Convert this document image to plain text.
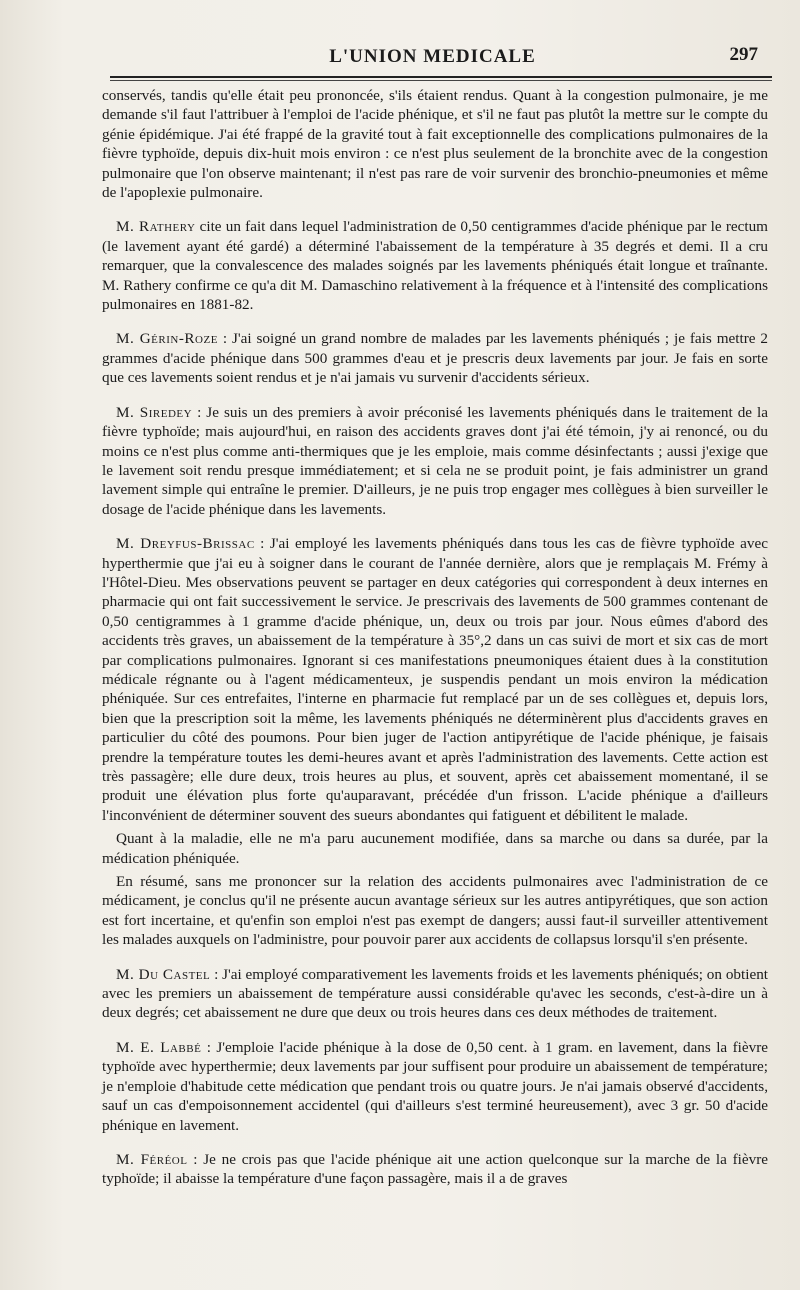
L'UNION MEDICALE	297

conservés, tandis qu'elle était peu prononcée, s'ils étaient rendus. Quant à la congestion pulmonaire, je me demande s'il faut l'attribuer à l'emploi de l'acide phénique, et s'il ne faut pas plutôt la mettre sur le compte du génie épidémique. J'ai été frappé de la gravité tout à fait exceptionnelle des complications pulmonaires de la fièvre typhoïde, depuis dix-huit mois environ : ce n'est plus seulement de la bronchite avec de la congestion pulmonaire que l'on observe maintenant; il n'est pas rare de voir survenir des bronchio-pneumonies et même de l'apoplexie pulmonaire.

M. Rathery cite un fait dans lequel l'administration de 0,50 centigrammes d'acide phénique par le rectum (le lavement ayant été gardé) a déterminé l'abaissement de la température à 35 degrés et demi. Il a cru remarquer, que la convalescence des malades soignés par les lavements phéniqués était longue et traînante. M. Rathery confirme ce qu'a dit M. Damaschino relativement à la fréquence et à l'intensité des complications pulmonaires en 1881-82.

M. Gérin-Roze : J'ai soigné un grand nombre de malades par les lavements phéniqués ; je fais mettre 2 grammes d'acide phénique dans 500 grammes d'eau et je prescris deux lavements par jour. Je fais en sorte que ces lavements soient rendus et je n'ai jamais vu survenir d'accidents sérieux.

M. Siredey : Je suis un des premiers à avoir préconisé les lavements phéniqués dans le traitement de la fièvre typhoïde; mais aujourd'hui, en raison des accidents graves dont j'ai été témoin, j'y ai renoncé, ou du moins ce n'est plus comme anti-thermiques que je les emploie, mais comme désinfectants ; aussi j'exige que le lavement soit rendu presque immédiatement; et si cela ne se produit point, je fais administrer un grand lavement simple qui entraîne le premier. D'ailleurs, je ne puis trop engager mes collègues à bien surveiller le dosage de l'acide phénique dans les lavements.

M. Dreyfus-Brissac : J'ai employé les lavements phéniqués dans tous les cas de fièvre typhoïde avec hyperthermie que j'ai eu à soigner dans le courant de l'année dernière, alors que je remplaçais M. Frémy à l'Hôtel-Dieu. Mes observations peuvent se partager en deux catégories qui correspondent à deux internes en pharmacie qui ont fait successivement le service. Je prescrivais des lavements de 500 grammes contenant de 0,50 centigrammes à 1 gramme d'acide phénique, un, deux ou trois par jour. Nous eûmes d'abord des accidents très graves, un abaissement de la température à 35°,2 dans un cas suivi de mort et six cas de mort par complications pulmonaires. Ignorant si ces manifestations pneumoniques étaient dues à la constitution médicale régnante ou à l'agent médicamenteux, je suspendis pendant un mois environ la médication phéniquée. Sur ces entrefaites, l'interne en pharmacie fut remplacé par un de ses collègues et, depuis lors, bien que la prescription soit la même, les lavements phéniqués ne déterminèrent plus d'accidents graves en particulier du côté des poumons. Pour bien juger de l'action antipyrétique de l'acide phénique, je faisais prendre la température toutes les demi-heures avant et après l'administration des lavements. Cette action est très passagère; elle dure deux, trois heures au plus, et souvent, après cet abaissement momentané, il se produit une élévation plus forte qu'auparavant, précédée d'un frisson. L'acide phénique a d'ailleurs l'inconvénient de déterminer souvent des sueurs abondantes qui fatiguent et débilitent le malade.

Quant à la maladie, elle ne m'a paru aucunement modifiée, dans sa marche ou dans sa durée, par la médication phéniquée.

En résumé, sans me prononcer sur la relation des accidents pulmonaires avec l'administration de ce médicament, je conclus qu'il ne présente aucun avantage sérieux sur les autres antipyrétiques, que son action est fort incertaine, et qu'enfin son emploi n'est pas exempt de dangers; aussi faut-il surveiller attentivement les malades auxquels on l'administre, pour pouvoir parer aux accidents de collapsus lorsqu'il s'en présente.

M. Du Castel : J'ai employé comparativement les lavements froids et les lavements phéniqués; on obtient avec les premiers un abaissement de température aussi considérable qu'avec les seconds, c'est-à-dire un à deux degrés; cet abaissement ne dure que deux ou trois heures dans ces deux méthodes de traitement.

M. E. Labbé : J'emploie l'acide phénique à la dose de 0,50 cent. à 1 gram. en lavement, dans la fièvre typhoïde avec hyperthermie; deux lavements par jour suffisent pour produire un abaissement de température; je n'emploie d'habitude cette médication que pendant trois ou quatre jours. Je n'ai jamais observé d'accidents, sauf un cas d'empoisonnement accidentel (qui d'ailleurs s'est terminé heureusement), avec 3 gr. 50 d'acide phénique en lavement.

M. Féréol : Je ne crois pas que l'acide phénique ait une action quelconque sur la marche de la fièvre typhoïde; il abaisse la température d'une façon passagère, mais il a de graves
